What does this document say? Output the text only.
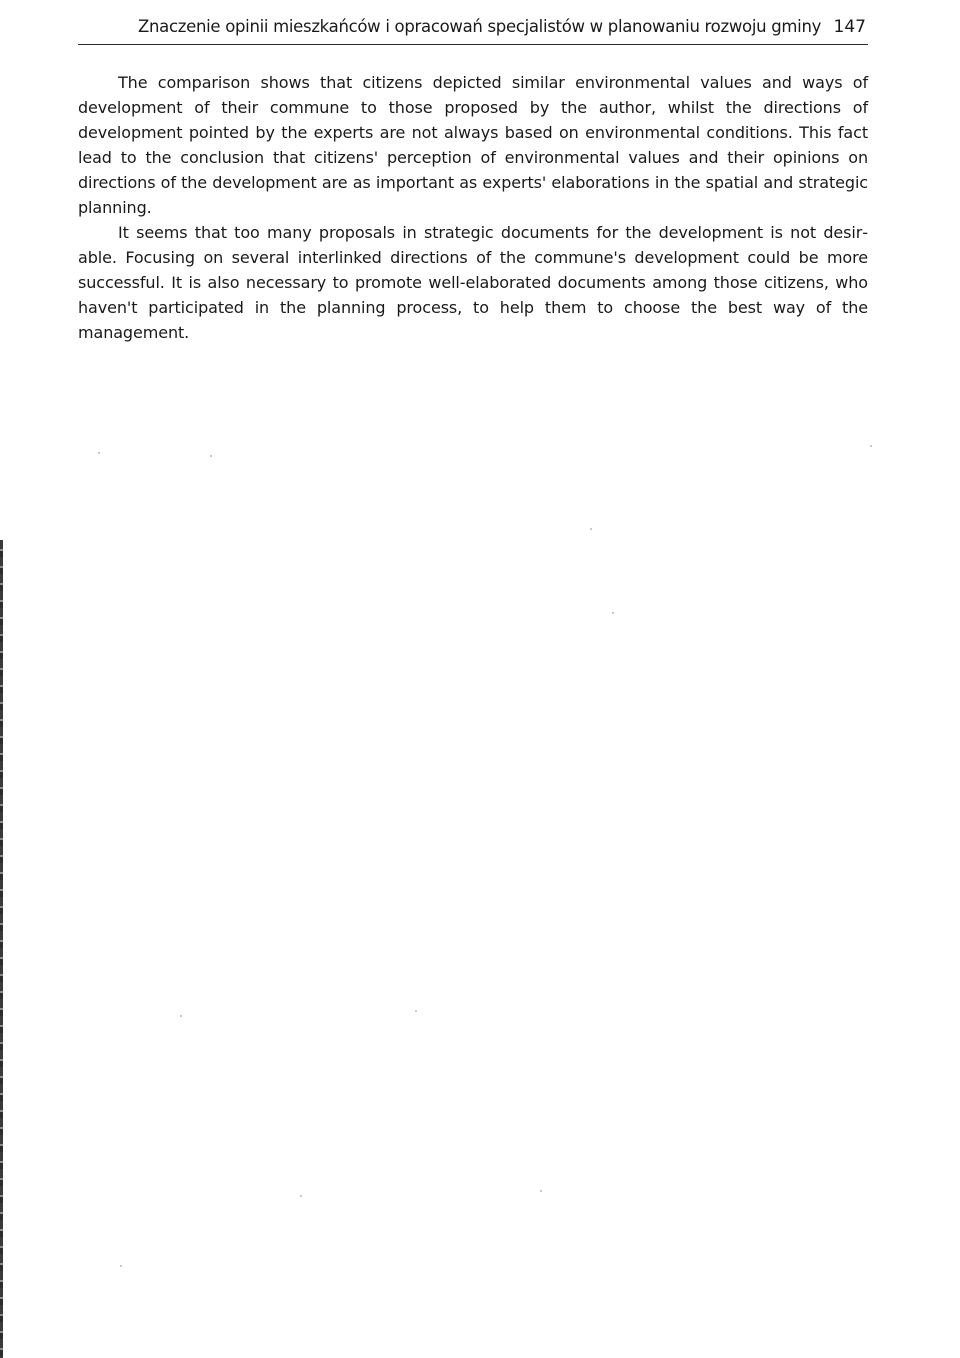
Znaczenie opinii mieszkańców i opracowań specjalistów w planowaniu rozwoju gminy 147

The comparison shows that citizens depicted similar environmental values and ways of development of their commune to those proposed by the author, whilst the directions of development pointed by the experts are not always based on environmental conditions. This fact lead to the conclusion that citizens' perception of environmental values and their opinions on directions of the development are as important as experts' elaborations in the spatial and strategic planning.

It seems that too many proposals in strategic documents for the development is not desirable. Focusing on several interlinked directions of the commune's development could be more successful. It is also necessary to promote well-elaborated documents among those citizens, who haven't participated in the planning process, to help them to choose the best way of the management.
